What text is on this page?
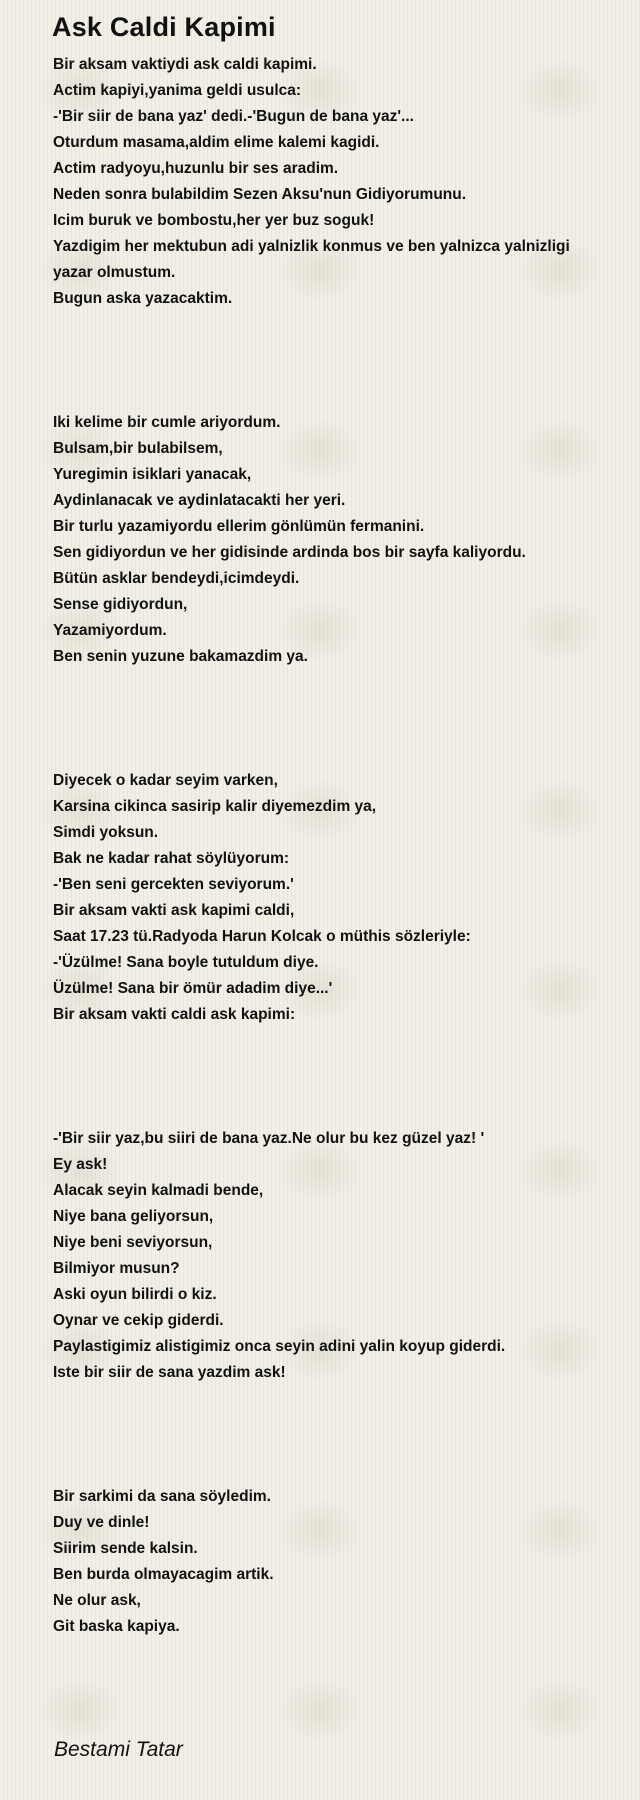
Ask Caldi Kapimi
Bir aksam vaktiydi ask caldi kapimi.
Actim kapiyi,yanima geldi usulca:
-'Bir siir de bana yaz' dedi.-'Bugun de bana yaz'...
Oturdum masama,aldim elime kalemi kagidi.
Actim radyoyu,huzunlu bir ses aradim.
Neden sonra bulabildim Sezen Aksu'nun Gidiyorumunu.
Icim buruk ve bombostu,her yer buz soguk!
Yazdigim her mektubun adi yalnizlik konmus ve ben yalnizca yalnizligi yazar olmustum.
Bugun aska yazacaktim.
Iki kelime bir cumle ariyordum.
Bulsam,bir bulabilsem,
Yuregimin isiklari yanacak,
Aydinlanacak ve aydinlatacakti her yeri.
Bir turlu yazamiyordu ellerim gönlümün fermanini.
Sen gidiyordun ve her gidisinde ardinda bos bir sayfa kaliyordu.
Bütün asklar bendeydi,icimdeydi.
Sense gidiyordun,
Yazamiyordum.
Ben senin yuzune bakamazdim ya.
Diyecek o kadar seyim varken,
Karsina cikinca sasirip kalir diyemezdim ya,
Simdi yoksun.
Bak ne kadar rahat söylüyorum:
-'Ben seni gercekten seviyorum.'
Bir aksam vakti ask kapimi caldi,
Saat 17.23 tü.Radyoda Harun Kolcak o müthis sözleriyle:
-'Üzülme! Sana boyle tutuldum diye.
Üzülme! Sana bir ömür adadim diye...'
Bir aksam vakti caldi ask kapimi:
-'Bir siir yaz,bu siiri de bana yaz.Ne olur bu kez güzel yaz! '
Ey ask!
Alacak seyin kalmadi bende,
Niye bana geliyorsun,
Niye beni seviyorsun,
Bilmiyor musun?
Aski oyun bilirdi o kiz.
Oynar ve cekip giderdi.
Paylastigimiz alistigimiz onca seyin adini yalin koyup giderdi.
Iste bir siir de sana yazdim ask!
Bir sarkimi da sana söyledim.
Duy ve dinle!
Siirim sende kalsin.
Ben burda olmayacagim artik.
Ne olur ask,
Git baska kapiya.
Bestami Tatar
